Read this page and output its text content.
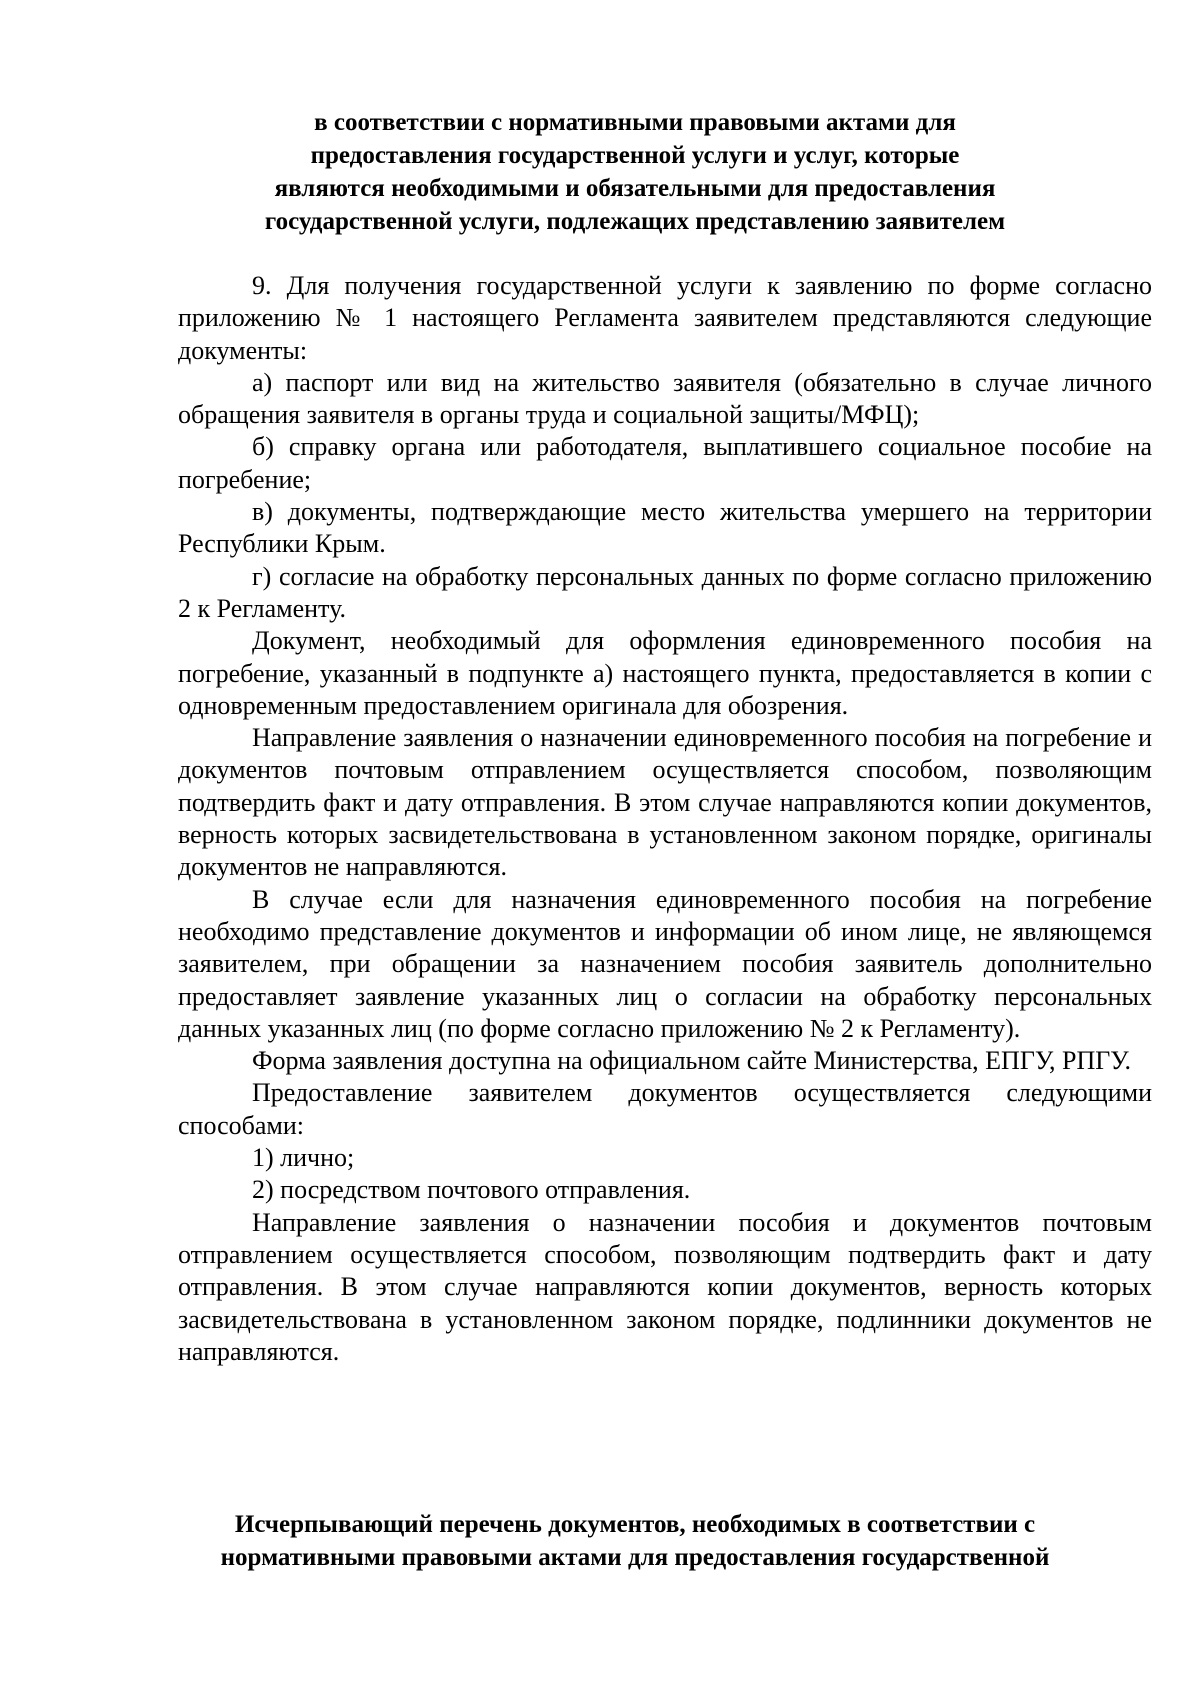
в соответствии с нормативными правовыми актами для
предоставления государственной услуги и услуг, которые
являются необходимыми и обязательными для предоставления
государственной услуги, подлежащих представлению заявителем

9. Для получения государственной услуги к заявлению по форме согласно приложению № 1 настоящего Регламента заявителем представляются следующие документы:

а) паспорт или вид на жительство заявителя (обязательно в случае личного обращения заявителя в органы труда и социальной защиты/МФЦ);

б) справку органа или работодателя, выплатившего социальное пособие на погребение;

в) документы, подтверждающие место жительства умершего на территории Республики Крым.

г) согласие на обработку персональных данных по форме согласно приложению 2 к Регламенту.

Документ, необходимый для оформления единовременного пособия на погребение, указанный в подпункте а) настоящего пункта, предоставляется в копии с одновременным предоставлением оригинала для обозрения.

Направление заявления о назначении единовременного пособия на погребение и документов почтовым отправлением осуществляется способом, позволяющим подтвердить факт и дату отправления. В этом случае направляются копии документов, верность которых засвидетельствована в установленном законом порядке, оригиналы документов не направляются.

В случае если для назначения единовременного пособия на погребение необходимо представление документов и информации об ином лице, не являющемся заявителем, при обращении за назначением пособия заявитель дополнительно предоставляет заявление указанных лиц о согласии на обработку персональных данных указанных лиц (по форме согласно приложению № 2 к Регламенту).

Форма заявления доступна на официальном сайте Министерства, ЕПГУ, РПГУ.

Предоставление заявителем документов осуществляется следующими способами:

1) лично;

2) посредством почтового отправления.

Направление заявления о назначении пособия и документов почтовым отправлением осуществляется способом, позволяющим подтвердить факт и дату отправления. В этом случае направляются копии документов, верность которых засвидетельствована в установленном законом порядке, подлинники документов не направляются.

Исчерпывающий перечень документов, необходимых в соответствии с
нормативными правовыми актами для предоставления государственной
